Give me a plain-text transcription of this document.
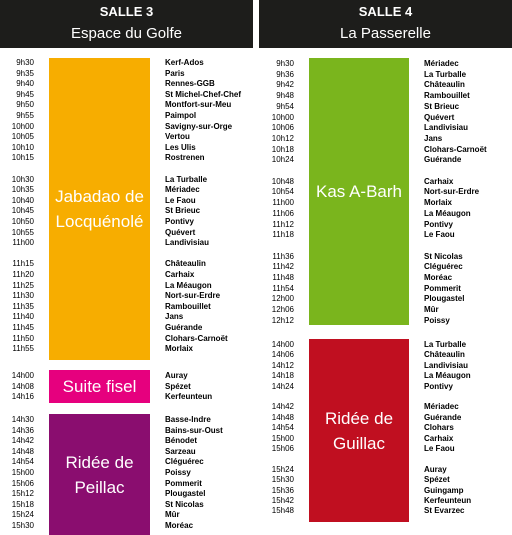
SALLE 3
Espace du Golfe
SALLE 4
La Passerelle
Jabadao de
Locquénolé
9h30	Kerf-Ados
9h35	Paris
9h40	Rennes-GGB
9h45	St Michel-Chef-Chef
9h50	Montfort-sur-Meu
9h55	Paimpol
10h00	Savigny-sur-Orge
10h05	Vertou
10h10	Les Ulis
10h15	Rostrenen
10h30	La Turballe
10h35	Mériadec
10h40	Le Faou
10h45	St Brieuc
10h50	Pontivy
10h55	Quévert
11h00	Landivisiau
11h15	Châteaulin
11h20	Carhaix
11h25	La Méaugon
11h30	Nort-sur-Erdre
11h35	Rambouillet
11h40	Jans
11h45	Guérande
11h50	Clohars-Carnoët
11h55	Morlaix
Suite fisel
14h00	Auray
14h08	Spézet
14h16	Kerfeunteun
Ridée de
Peillac
14h30	Basse-Indre
14h36	Bains-sur-Oust
14h42	Bénodet
14h48	Sarzeau
14h54	Cléguérec
15h00	Poissy
15h06	Pommerit
15h12	Plougastel
15h18	St Nicolas
15h24	Mûr
15h30	Moréac
Kas A-Barh
9h30	Mériadec
9h36	La Turballe
9h42	Châteaulin
9h48	Rambouillet
9h54	St Brieuc
10h00	Quévert
10h06	Landivisiau
10h12	Jans
10h18	Clohars-Carnoët
10h24	Guérande
10h48	Carhaix
10h54	Nort-sur-Erdre
11h00	Morlaix
11h06	La Méaugon
11h12	Pontivy
11h18	Le Faou
11h36	St Nicolas
11h42	Cléguérec
11h48	Moréac
11h54	Pommerit
12h00	Plougastel
12h06	Mûr
12h12	Poissy
Ridée de
Guillac
14h00	La Turballe
14h06	Châteaulin
14h12	Landivisiau
14h18	La Méaugon
14h24	Pontivy
14h42	Mériadec
14h48	Guérande
14h54	Clohars
15h00	Carhaix
15h06	Le Faou
15h24	Auray
15h30	Spézet
15h36	Guingamp
15h42	Kerfeunteun
15h48	St Evarzec
